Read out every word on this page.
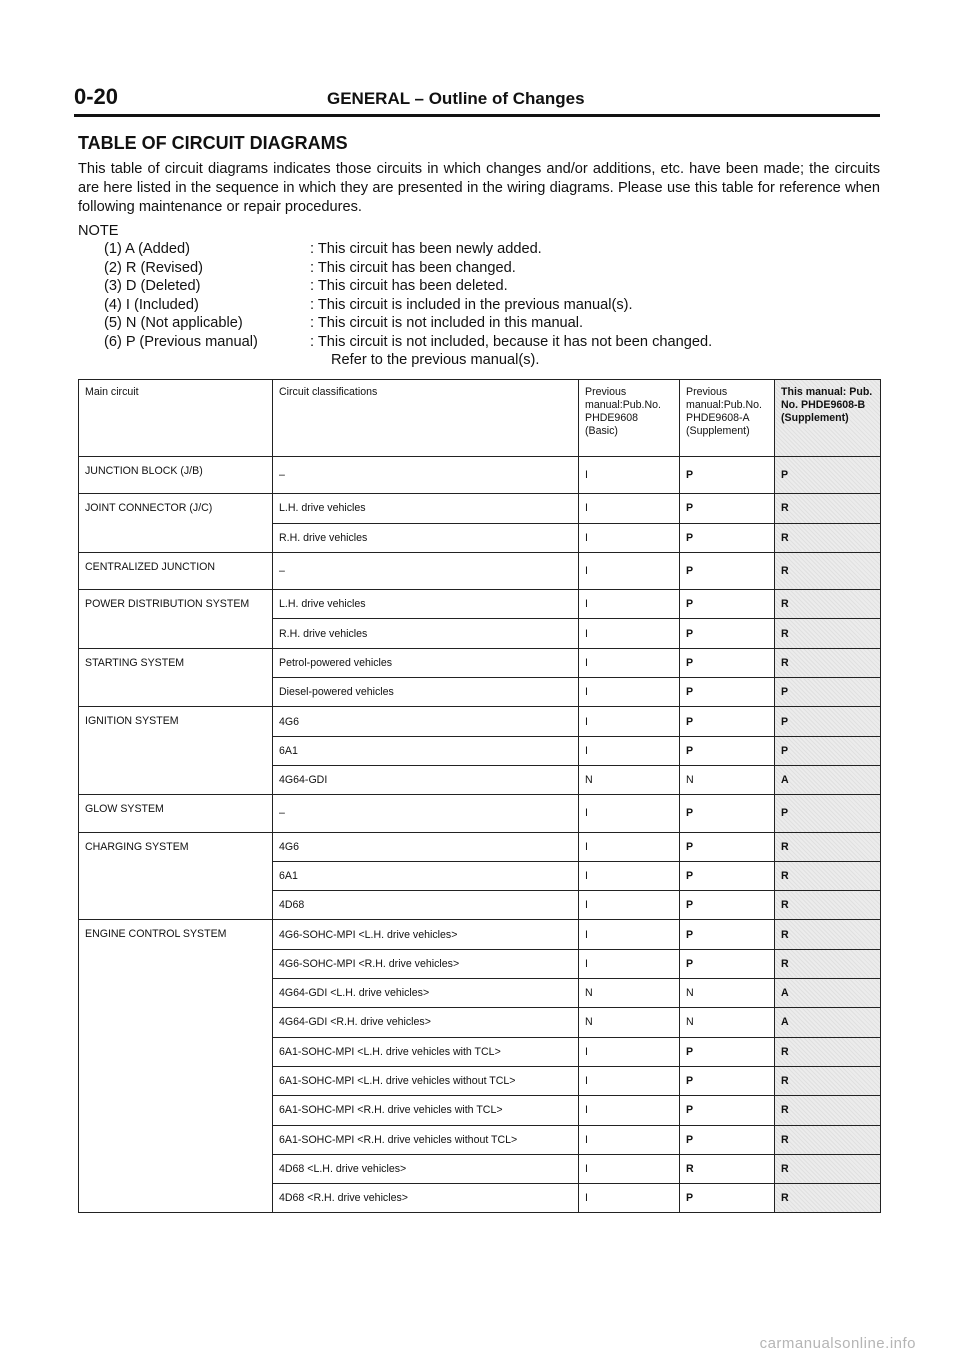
0-20	GENERAL – Outline of Changes
TABLE OF CIRCUIT DIAGRAMS

This table of circuit diagrams indicates those circuits in which changes and/or additions, etc. have been made; the circuits are here listed in the sequence in which they are presented in the wiring diagrams. Please use this table for reference when following maintenance or repair procedures.

NOTE
(1) A (Added)	: This circuit has been newly added.
(2) R (Revised)	: This circuit has been changed.
(3) D (Deleted)	: This circuit has been deleted.
(4) I (Included)	: This circuit is included in the previous manual(s).
(5) N (Not applicable)	: This circuit is not included in this manual.
(6) P (Previous manual)	: This circuit is not included, because it has not been changed.
Refer to the previous manual(s).
Main circuit	Circuit classifications	Previous manual:Pub.No. PHDE9608 (Basic)	Previous manual:Pub.No. PHDE9608-A (Supplement)	This manual: Pub. No. PHDE9608-B (Supplement)
JUNCTION BLOCK (J/B)	–	I	P	P
JOINT CONNECTOR (J/C)	L.H. drive vehicles	I	P	R
	R.H. drive vehicles	I	P	R
CENTRALIZED JUNCTION	–	I	P	R
POWER DISTRIBUTION SYSTEM	L.H. drive vehicles	I	P	R
	R.H. drive vehicles	I	P	R
STARTING SYSTEM	Petrol-powered vehicles	I	P	R
	Diesel-powered vehicles	I	P	P
IGNITION SYSTEM	4G6	I	P	P
	6A1	I	P	P
	4G64-GDI	N	N	A
GLOW SYSTEM	–	I	P	P
CHARGING SYSTEM	4G6	I	P	R
	6A1	I	P	R
	4D68	I	P	R
ENGINE CONTROL SYSTEM	4G6-SOHC-MPI <L.H. drive vehicles>	I	P	R
	4G6-SOHC-MPI <R.H. drive vehicles>	I	P	R
	4G64-GDI <L.H. drive vehicles>	N	N	A
	4G64-GDI <R.H. drive vehicles>	N	N	A
	6A1-SOHC-MPI <L.H. drive vehicles with TCL>	I	P	R
	6A1-SOHC-MPI <L.H. drive vehicles without TCL>	I	P	R
	6A1-SOHC-MPI <R.H. drive vehicles with TCL>	I	P	R
	6A1-SOHC-MPI <R.H. drive vehicles without TCL>	I	P	R
	4D68 <L.H. drive vehicles>	I	R	R
	4D68 <R.H. drive vehicles>	I	P	R
carmanualsonline.info
